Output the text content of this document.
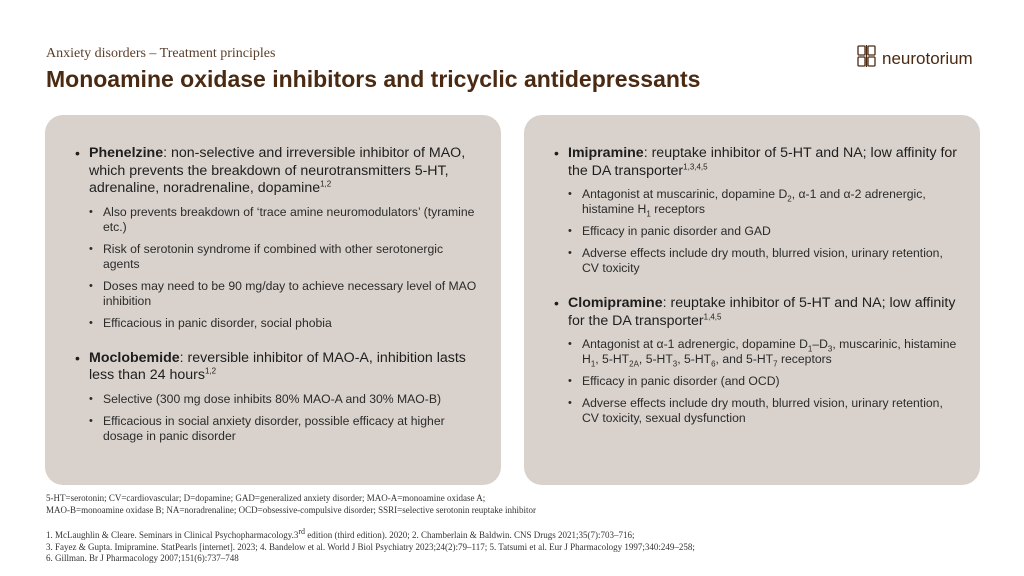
Anxiety disorders – Treatment principles
Monoamine oxidase inhibitors and tricyclic antidepressants
neurotorium
• Phenelzine: non-selective and irreversible inhibitor of MAO, which prevents the breakdown of neurotransmitters 5-HT, adrenaline, noradrenaline, dopamine$^{1,2}$
• Also prevents breakdown of ‘trace amine neuromodulators’ (tyramine etc.)
• Risk of serotonin syndrome if combined with other serotonergic agents
• Doses may need to be 90 mg/day to achieve necessary level of MAO inhibition
• Efficacious in panic disorder, social phobia
• Moclobemide: reversible inhibitor of MAO-A, inhibition lasts less than 24 hours$^{1,2}$
• Selective (300 mg dose inhibits 80% MAO-A and 30% MAO-B)
• Efficacious in social anxiety disorder, possible efficacy at higher dosage in panic disorder
• Imipramine: reuptake inhibitor of 5-HT and NA; low affinity for the DA transporter$^{1,3,4,5}$
• Antagonist at muscarinic, dopamine $D_2$, α-1 and α-2 adrenergic, histamine $H_1$ receptors
• Efficacy in panic disorder and GAD
• Adverse effects include dry mouth, blurred vision, urinary retention, CV toxicity
• Clomipramine: reuptake inhibitor of 5-HT and NA; low affinity for the DA transporter$^{1,4,5}$
• Antagonist at α-1 adrenergic, dopamine $D_1-D_3$, muscarinic, histamine $H_1$, $5-HT_{2A}$, $5-HT_3$, $5-HT_6$, and $5-HT_7$ receptors
• Efficacy in panic disorder (and OCD)
• Adverse effects include dry mouth, blurred vision, urinary retention, CV toxicity, sexual dysfunction
5-HT=serotonin; CV=cardiovascular; D=dopamine; GAD=generalized anxiety disorder; MAO-A=monoamine oxidase A;
MAO-B=monoamine oxidase B; NA=noradrenaline; OCD=obsessive-compulsive disorder; SSRI=selective serotonin reuptake inhibitor
1. McLaughlin & Cleare. Seminars in Clinical Psychopharmacology.3rd edition (third edition). 2020; 2. Chamberlain & Baldwin. CNS Drugs 2021;35(7):703–716;
3. Fayez & Gupta. Imipramine. StatPearls [internet]. 2023; 4. Bandelow et al. World J Biol Psychiatry 2023;24(2):79–117; 5. Tatsumi et al. Eur J Pharmacology 1997;340:249–258;
6. Gillman. Br J Pharmacology 2007;151(6):737–748
